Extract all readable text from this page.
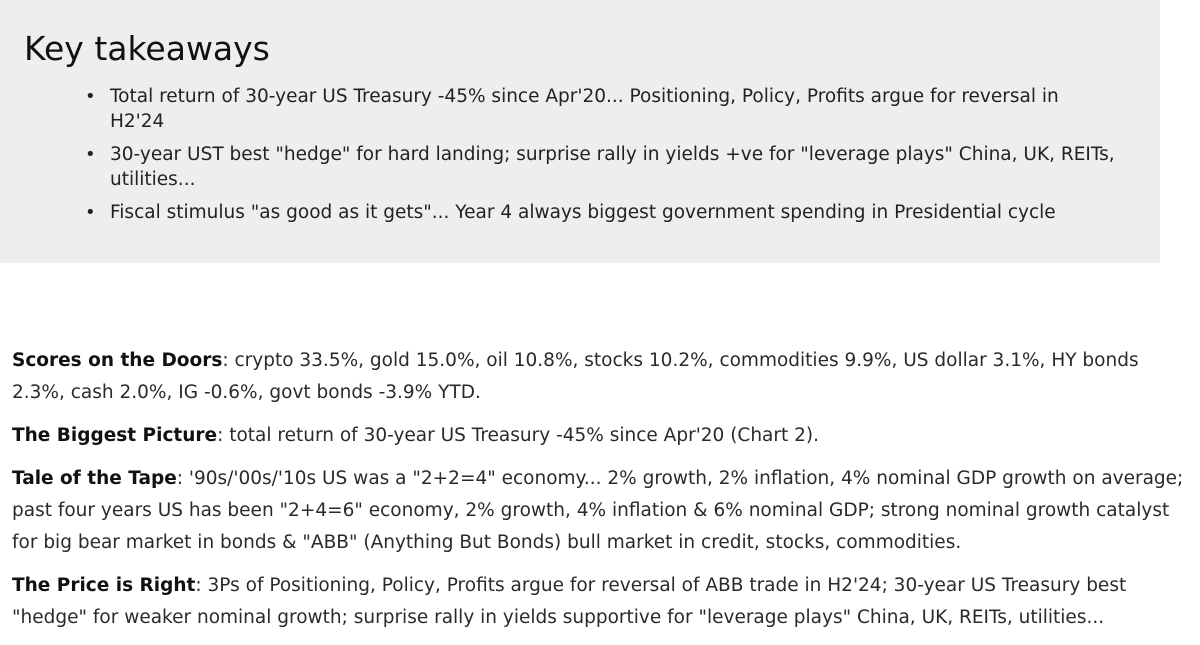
Key takeaways
• Total return of 30-year US Treasury -45% since Apr'20... Positioning, Policy, Profits argue for reversal in H2'24
• 30-year UST best "hedge" for hard landing; surprise rally in yields +ve for "leverage plays" China, UK, REITs, utilities...
• Fiscal stimulus "as good as it gets"... Year 4 always biggest government spending in Presidential cycle

Scores on the Doors: crypto 33.5%, gold 15.0%, oil 10.8%, stocks 10.2%, commodities 9.9%, US dollar 3.1%, HY bonds 2.3%, cash 2.0%, IG -0.6%, govt bonds -3.9% YTD.

The Biggest Picture: total return of 30-year US Treasury -45% since Apr'20 (Chart 2).

Tale of the Tape: '90s/'00s/'10s US was a "2+2=4" economy... 2% growth, 2% inflation, 4% nominal GDP growth on average; past four years US has been "2+4=6" economy, 2% growth, 4% inflation & 6% nominal GDP; strong nominal growth catalyst for big bear market in bonds & "ABB" (Anything But Bonds) bull market in credit, stocks, commodities.

The Price is Right: 3Ps of Positioning, Policy, Profits argue for reversal of ABB trade in H2'24; 30-year US Treasury best "hedge" for weaker nominal growth; surprise rally in yields supportive for "leverage plays" China, UK, REITs, utilities...
